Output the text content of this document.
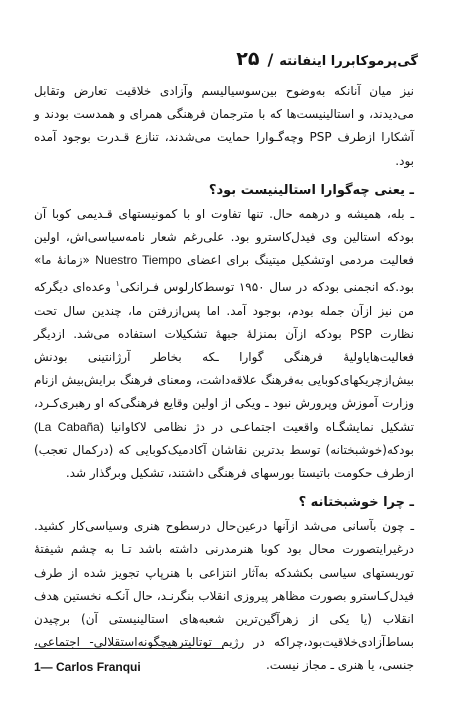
۲۵ / گی‌پرموکابررا اینفانته

نیز میان آنانکه به‌وضوح بین‌سوسیالیسم وآزادی خلاقیت تعارض وتقابل می‌دیدند، و استالینیست‌ها که با مترجمان فرهنگی همرای و همدست بودند و آشکارا ازطرف PSP وچه‌گـوارا حمایت می‌شدند، تنازع قـدرت بوجود آمده بود.

ـ یعنی چه‌گوارا استالینیست بود؟

ـ بله، همیشه و درهمه حال. تنها تفاوت او با کمونیستهای قـدیمی کوبا آن بودکه استالین وی فیدل‌کاسترو بود. علی‌رغم شعار نامه‌سیاسی‌اش، اولین فعالیت مردمی اوتشکیل میتینگ برای اعضای Nuestro Tiempo «زمانهٔ ما» بود.که انجمنی بودکه در سال ۱۹۵۰ توسط‌کارلوس فـرانکی$^۱$ وعده‌ای دیگرکه من نیز ازآن جمله بودم، بوجود آمد. اما پس‌ازرفتن ما، چندین سال تحت نظارت PSP بودکه ازآن بمنزلهٔ جبههٔ تشکیلات استفاده می‌شد. ازدیگر فعالیت‌هایاولیهٔ فرهنگی گوارا ـکه بخاطر آرژانتینی بودنش بیش‌ازچریکهای‌کوبایی به‌فرهنگ علاقه‌داشت، ومعنای فرهنگ برایش‌بیش ازنام وزارت آموزش وپرورش نبود ـ ویکی از اولین وقایع فرهنگی‌که او رهبری‌کـرد، تشکیل نمایشگـاه واقعیت اجتماعـی در دژ نظامی لاکاوانیا (La Cabaña) بودکه(خوشبختانه) توسط بدترین نقاشان آکادمیک‌کوبایی که (درکمال تعجب) ازطرف حکومت باتیستا بورسهای فرهنگی داشتند، تشکیل وبرگذار شد.

ـ چرا خوشبختانه ؟

ـ چون بآسانی می‌شد ازآنها درعین‌حال درسطوح هنری وسیاسی‌کار کشید. درغیرایتصورت محال بود کوبا هنرمدرنی داشته باشد تـا به چشم شیفتهٔ توریستهای سیاسی بکشدکه به‌آثار انتزاعی با هنرپاپ تجویز شده از طرف فیدل‌کـاسترو بصورت مظاهر پیروزی انقلاب بنگرنـد، حال آنکـه نخستین هدف انقلاب (یا یکی از زهرآگین‌ترین شعبه‌های استالینیستی آن) برچیدن بساط‌آزادی‌خلاقیت‌بود،چراکه در رژیم توتالیترهیچگونه‌استقلالی- اجتماعی، جنسی، یا هنری ـ مجاز نیست.

1— Carlos Franqui
